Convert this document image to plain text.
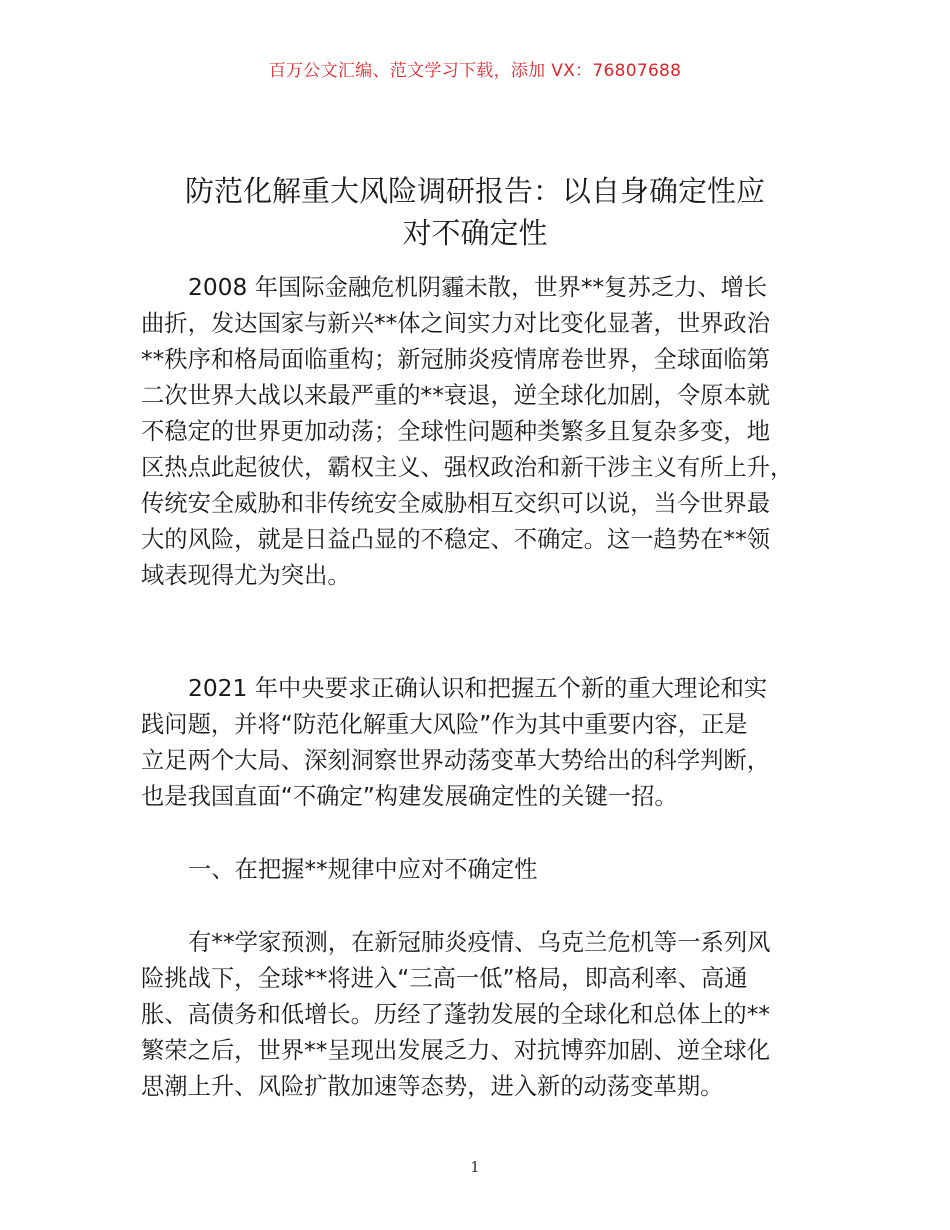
百万公文汇编、范文学习下载，添加 VX：76807688
防范化解重大风险调研报告：以自身确定性应
对不确定性
2008 年国际金融危机阴霾未散，世界**复苏乏力、增长
曲折，发达国家与新兴**体之间实力对比变化显著，世界政治
**秩序和格局面临重构；新冠肺炎疫情席卷世界，全球面临第
二次世界大战以来最严重的**衰退，逆全球化加剧，令原本就
不稳定的世界更加动荡；全球性问题种类繁多且复杂多变，地
区热点此起彼伏，霸权主义、强权政治和新干涉主义有所上升，
传统安全威胁和非传统安全威胁相互交织可以说，当今世界最
大的风险，就是日益凸显的不稳定、不确定。这一趋势在**领
域表现得尤为突出。
2021 年中央要求正确认识和把握五个新的重大理论和实
践问题，并将“防范化解重大风险”作为其中重要内容，正是
立足两个大局、深刻洞察世界动荡变革大势给出的科学判断，
也是我国直面“不确定”构建发展确定性的关键一招。
一、在把握**规律中应对不确定性
有**学家预测，在新冠肺炎疫情、乌克兰危机等一系列风
险挑战下，全球**将进入“三高一低”格局，即高利率、高通
胀、高债务和低增长。历经了蓬勃发展的全球化和总体上的**
繁荣之后，世界**呈现出发展乏力、对抗博弈加剧、逆全球化
思潮上升、风险扩散加速等态势，进入新的动荡变革期。
1
